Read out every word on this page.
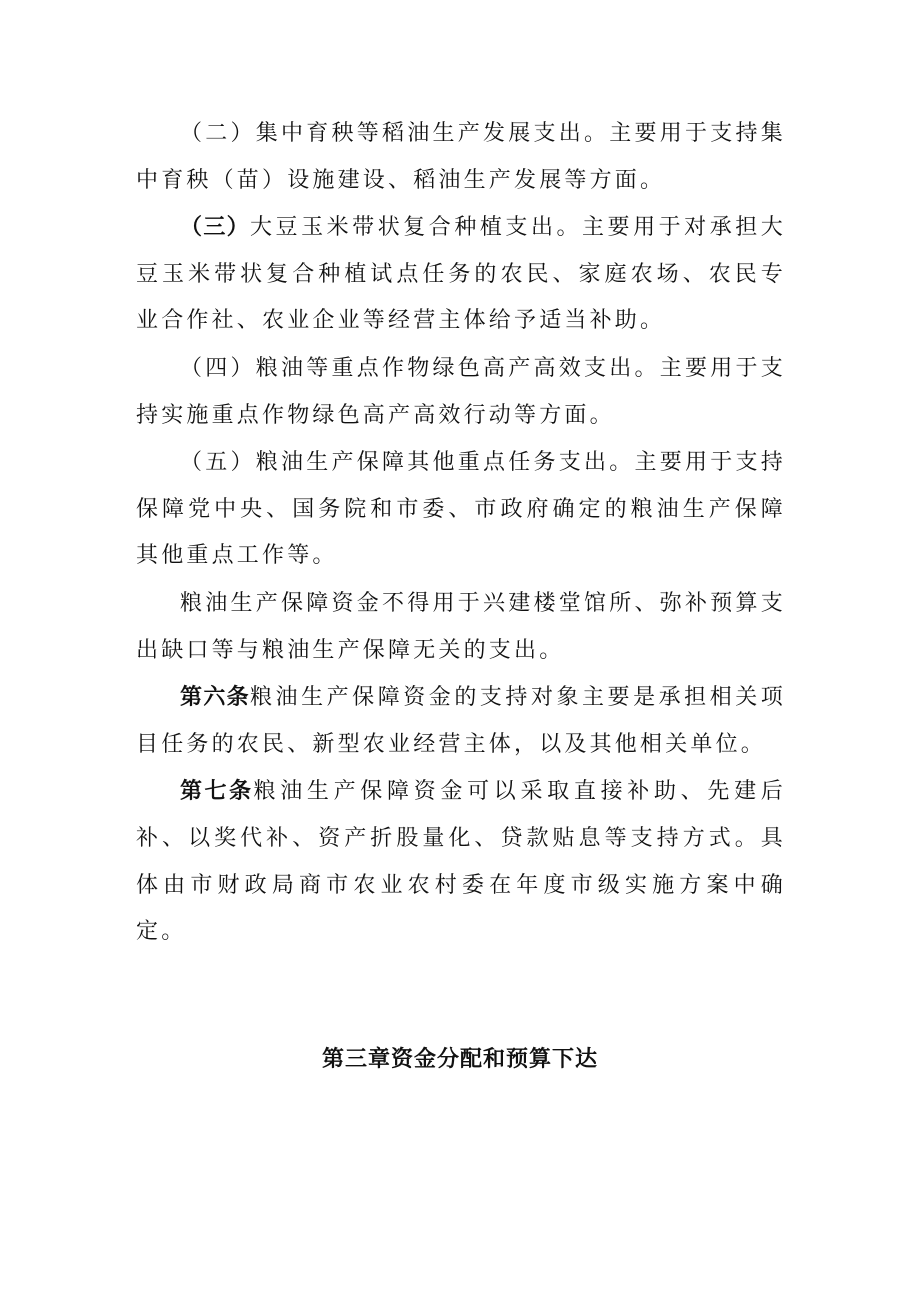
（二）集中育秧等稻油生产发展支出。主要用于支持集中育秧（苗）设施建设、稻油生产发展等方面。

（三）大豆玉米带状复合种植支出。主要用于对承担大豆玉米带状复合种植试点任务的农民、家庭农场、农民专业合作社、农业企业等经营主体给予适当补助。

（四）粮油等重点作物绿色高产高效支出。主要用于支持实施重点作物绿色高产高效行动等方面。

（五）粮油生产保障其他重点任务支出。主要用于支持保障党中央、国务院和市委、市政府确定的粮油生产保障其他重点工作等。

粮油生产保障资金不得用于兴建楼堂馆所、弥补预算支出缺口等与粮油生产保障无关的支出。

第六条粮油生产保障资金的支持对象主要是承担相关项目任务的农民、新型农业经营主体，以及其他相关单位。

第七条粮油生产保障资金可以采取直接补助、先建后补、以奖代补、资产折股量化、贷款贴息等支持方式。具体由市财政局商市农业农村委在年度市级实施方案中确定。

第三章资金分配和预算下达
